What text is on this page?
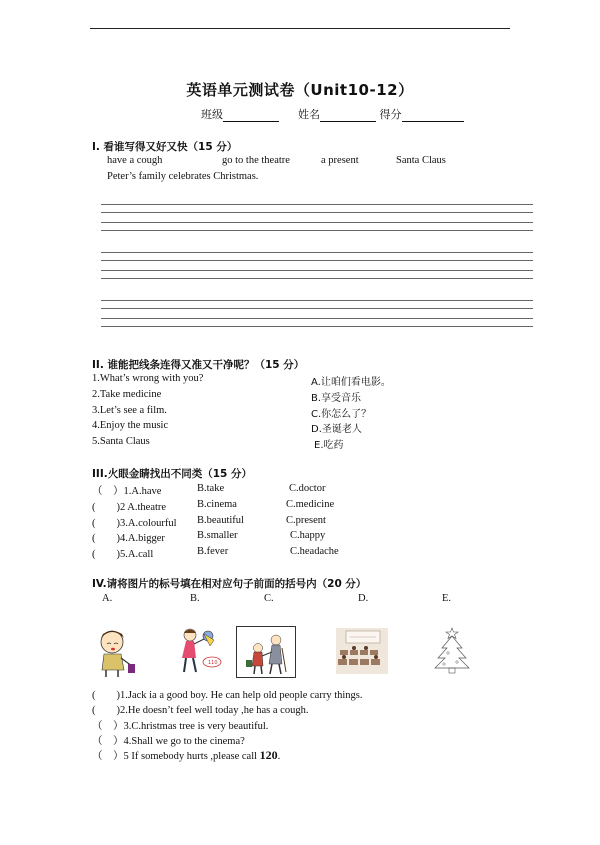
英语单元测试卷（Unit10-12）
班级	姓名	得分
I. 看谁写得又好又快（15 分）
have a cough	go to the theatre	a present	Santa Claus
Peter’s family celebrates Christmas.
II. 谁能把线条连得又准又干净呢？（15 分）
1.What’s wrong with you?
2.Take medicine
3.Let’s see a film.
4.Enjoy the music
5.Santa Claus
A.让咱们看电影。
B.享受音乐
C.你怎么了？
D.圣诞老人
E.吃药
III.火眼金睛找出不同类（15 分）
（　）1.A.have	B.take	C.doctor
(　　)2 A.theatre	B.cinema	C.medicine
(　　)3.A.colourful B.beautiful	C.present
(　　)4.A.bigger	B.smaller	C.happy
(　　)5.A.call	B.fever	C.headache
IV.请将图片的标号填在相对应句子前面的括号内（20 分）
A.	B.	C.	D.	E.
110
(　　)1.Jack ia a good boy. He can help old people carry things.
(　　)2.He doesn’t feel well today ,he has a cough.
（　）3.C.hristmas tree is very beautiful.
（　）4.Shall we go to the cinema?
（　）5 If somebody hurts ,please call 120.
